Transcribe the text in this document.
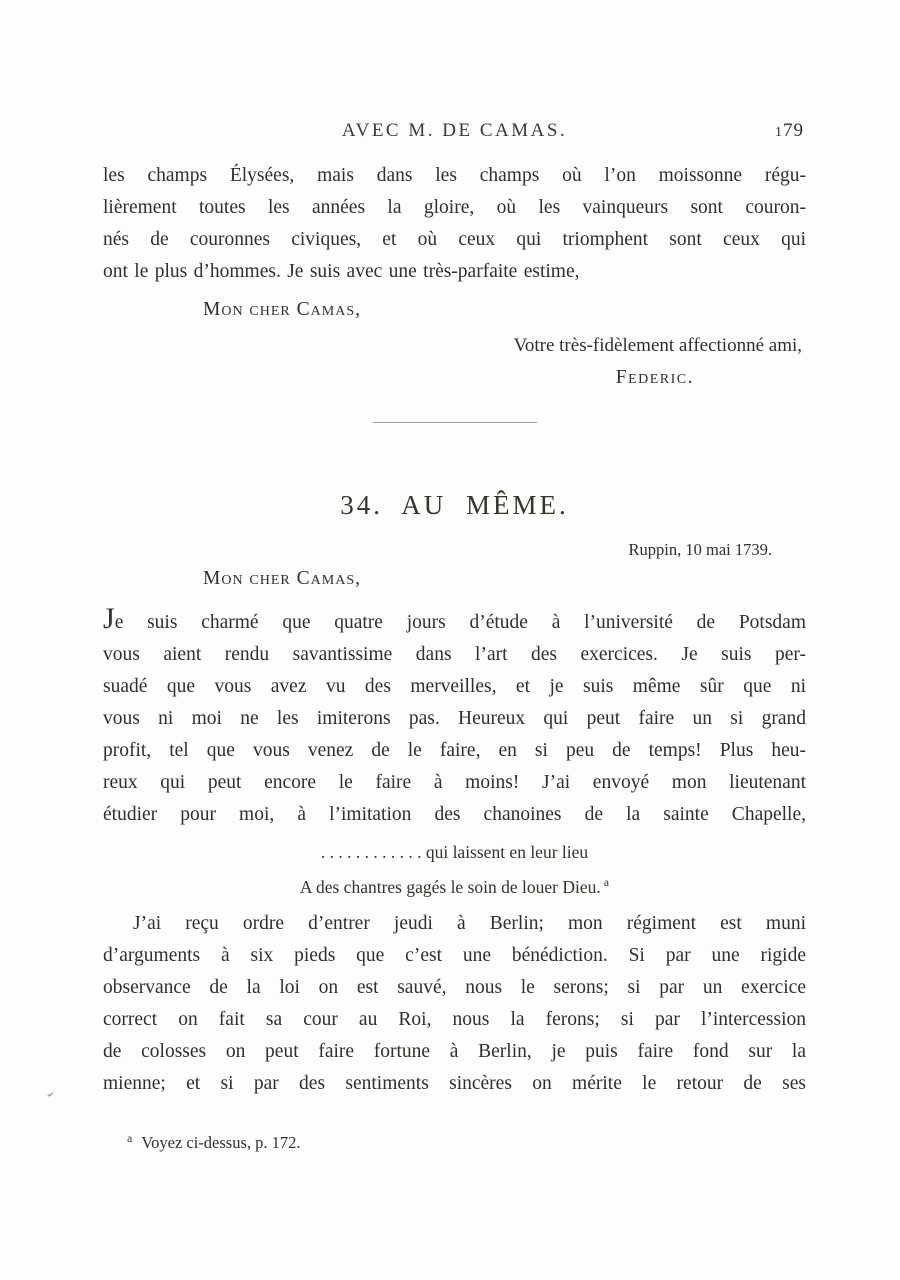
AVEC M. DE CAMAS.	179
les champs Élysées, mais dans les champs où l’on moissonne régu-
lièrement toutes les années la gloire, où les vainqueurs sont couron-
nés de couronnes civiques, et où ceux qui triomphent sont ceux qui
ont le plus d’hommes. Je suis avec une très-parfaite estime,
Mon cher Camas,
Votre très-fidèlement affectionné ami,
Federic.
34. AU MÊME.
Ruppin, 10 mai 1739.
Mon cher Camas,
Je suis charmé que quatre jours d’étude à l’université de Potsdam
vous aient rendu savantissime dans l’art des exercices. Je suis per-
suadé que vous avez vu des merveilles, et je suis même sûr que ni
vous ni moi ne les imiterons pas. Heureux qui peut faire un si grand
profit, tel que vous venez de le faire, en si peu de temps! Plus heu-
reux qui peut encore le faire à moins! J’ai envoyé mon lieutenant
étudier pour moi, à l’imitation des chanoines de la sainte Chapelle,
. . . . . . . . . . . . qui laissent en leur lieu
A des chantres gagés le soin de louer Dieu. $^a$
J’ai reçu ordre d’entrer jeudi à Berlin; mon régiment est muni
d’arguments à six pieds que c’est une bénédiction. Si par une rigide
observance de la loi on est sauvé, nous le serons; si par un exercice
correct on fait sa cour au Roi, nous la ferons; si par l’intercession
de colosses on peut faire fortune à Berlin, je puis faire fond sur la
mienne; et si par des sentiments sincères on mérite le retour de ses
$^a$ Voyez ci-dessus, p. 172.
